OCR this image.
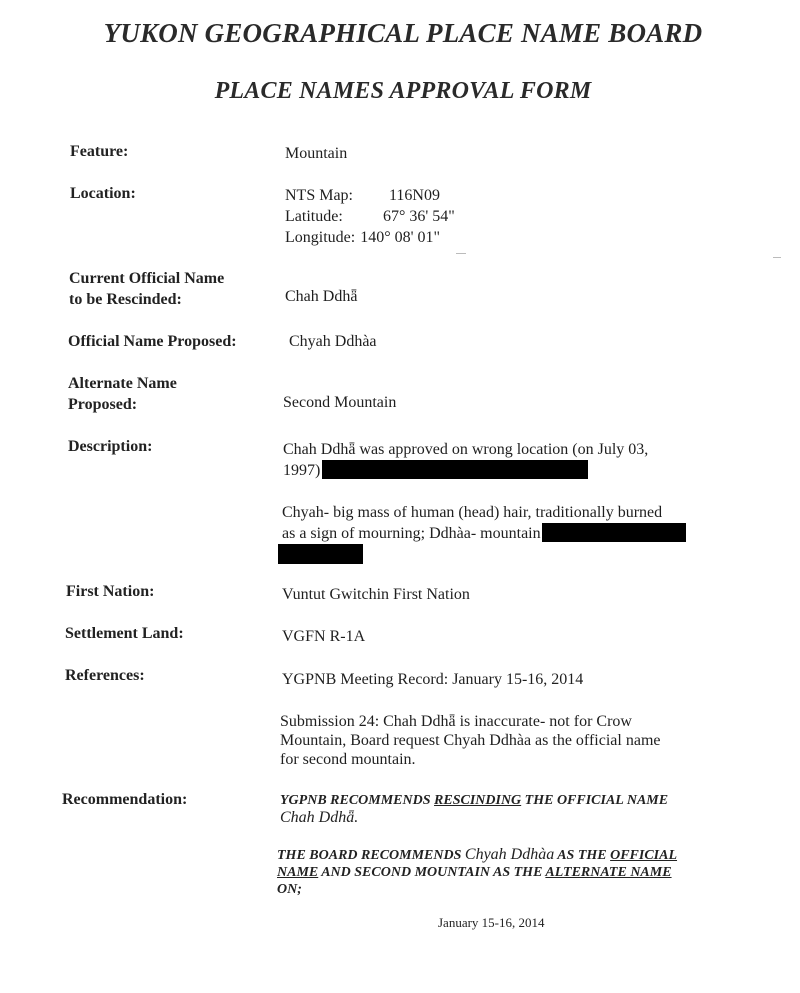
YUKON GEOGRAPHICAL PLACE NAME BOARD
PLACE NAMES APPROVAL FORM
Feature:	Mountain
Location:	NTS Map:	116N09
Latitude:	67° 36' 54"
Longitude: 140° 08' 01"
Current Official Name
to be Rescinded:	Chah Ddhǟ
Official Name Proposed:	Chyah Ddhàa
Alternate Name
Proposed:	Second Mountain
Description:	Chah Ddhǟ was approved on wrong location (on July 03,
1997)
Chyah- big mass of human (head) hair, traditionally burned
as a sign of mourning; Ddhàa- mountain
First Nation:	Vuntut Gwitchin First Nation
Settlement Land:	VGFN R-1A
References:	YGPNB Meeting Record: January 15-16, 2014
Submission 24: Chah Ddhǟ is inaccurate- not for Crow
Mountain, Board request Chyah Ddhàa as the official name
for second mountain.
Recommendation:	YGPNB RECOMMENDS RESCINDING THE OFFICIAL NAME
Chah Ddhǟ.
THE BOARD RECOMMENDS Chyah Ddhàa AS THE OFFICIAL
NAME AND SECOND MOUNTAIN AS THE ALTERNATE NAME
ON;
January 15-16, 2014
